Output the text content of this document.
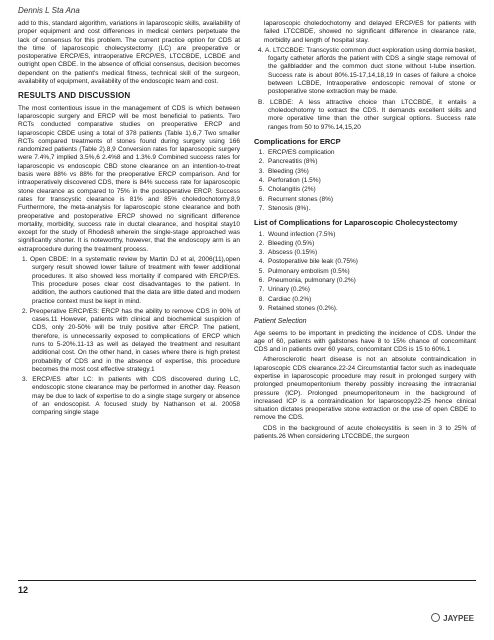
Dennis L Sta Ana

add to this, standard algorithm, variations in laparoscopic skills, availability of proper equipment and cost differences in medical centers perpetuate the lack of consensus for this problem. The current practice option for CDS at the time of laparoscopic cholecystectomy (LC) are preoperative or postoperative ERCP/ES, intraoperative ERCP/ES, LTCCBDE, LCBDE and outright open CBDE. In the absence of official consensus, decision becomes dependent on the patient's medical fitness, technical skill of the surgeon, availability of equipment, availability of the endoscopic team and cost.

RESULTS AND DISCUSSION

The most contentious issue in the management of CDS is which between laparoscopic surgery and ERCP will be most beneficial to patients. Two RCTs conducted comparative studies on preoperative ERCP and laparoscopic CBDE using a total of 378 patients (Table 1).6,7 Two smaller RCTs compared treatments of stones found during surgery using 166 randomized patients (Table 2).8,9 Conversion rates for laparoscopic surgery were 7.4%,7 implied 3.5%,6 2.4%8 and 1.3%.9 Combined success rates for laparoscopic vs endoscopic CBD stone clearance on an intention-to-treat basis were 88% vs 88% for the preoperative ERCP comparison. And for intraoperatively discovered CDS, there is 84% success rate for laparoscopic stone clearance as compared to 75% in the postoperative ERCP. Success rates for transcystic clearance is 81% and 85% choledochotomy.8,9 Furthermore, the meta-analysis for laparoscopic stone clearance and both preoperative and postoperative ERCP showed no significant difference mortality, morbidity, success rate in ductal clearance, and hospital stay10 except for the study of Rhodes8 wherein the single-stage approached was significantly shorter. It is noteworthy, however, that the endoscopy arm is an extraprocedure during the treatment process.

1. Open CBDE: In a systematic review by Martin DJ et al, 2006(11),open surgery result showed lower failure of treatment with fewer additional procedures. It also showed less mortality if compared with ERCP/ES. This procedure poses clear cost disadvantages to the patient. In addition, the authors cautioned that the data are little dated and modern practice context must be kept in mind.

2. Preoperative ERCP/ES: ERCP has the ability to remove CDS in 90% of cases.11 However, patients with clinical and biochemical suspicion of CDS, only 20-50% will be truly positive after ERCP. The patient, therefore, is unnecessarily exposed to complications of ERCP which runs to 5-20%.11-13 as well as delayed the treatment and resultant additional cost. On the other hand, in cases where there is high pretest probability of CDS and in the absence of expertise, this procedure becomes the most cost effective strategy.1

3. ERCP/ES after LC: In patients with CDS discovered during LC, endoscopic stone clearance may be performed in another day. Reason may be due to lack of expertise to do a single stage surgery or absence of an endoscopist. A focused study by Nathanson et al. 20058 comparing single stage

laparoscopic choledochotomy and delayed ERCP/ES for patients with failed LTCCBDE, showed no significant difference in clearance rate, morbidity and length of hospital stay.

4. A. LTCCBDE: Transcystic common duct exploration using dormia basket, fogarty catheter affords the patient with CDS a single stage removal of the gallbladder and the common duct stone without t-tube insertion. Success rate is about 80%.15-17,14,18,19 In cases of failure a choice between LCBDE, Intraoperative endoscopic removal of stone or postoperative stone extraction may be made.

B. LCBDE: A less attractive choice than LTCCBDE, it entails a choledochotomy to extract the CDS. It demands excellent skills and more operative time than the other surgical options. Success rate ranges from 50 to 97%.14,15,20

Complications for ERCP
1. ERCP/ES complication
2. Pancreatitis (8%)
3. Bleeding (3%)
4. Perforation (1.5%)
5. Cholangitis (2%)
6. Recurrent stones (8%)
7. Stenosis (8%).
List of Complications for Laparoscopic Cholecystectomy
1. Wound infection (7.5%)
2. Bleeding (0.5%)
3. Abscess (0.15%)
4. Postoperative bile leak (0.75%)
5. Pulmonary embolism (0.5%)
6. Pneumonia, pulmonary (0.2%)
7. Urinary (0.2%)
8. Cardiac (0.2%)
9. Retained stones (0.2%).
Patient Selection

Age seems to be important in predicting the incidence of CDS. Under the age of 60, patients with gallstones have 8 to 15% chance of concomitant CDS and in patients over 60 years, concomitant CDS is 15 to 60%.1

Atherosclerotic heart disease is not an absolute contraindication in laparoscopic CDS clearance.22-24 Circumstantial factor such as inadequate expertise in laparoscopic procedure may result in prolonged surgery with prolonged pneumoperitonium thereby possibly increasing the intracranial pressure (ICP). Prolonged pneumoperitoneum in the background of increased ICP is a contraindication for laparoscopy22-25 hence clinical situation dictates preoperative stone extraction or the use of open CBDE to remove the CDS.

CDS in the background of acute cholecystitis is seen in 3 to 25% of patients.26 When considering LTCCBDE, the surgeon

12
JAYPEE
